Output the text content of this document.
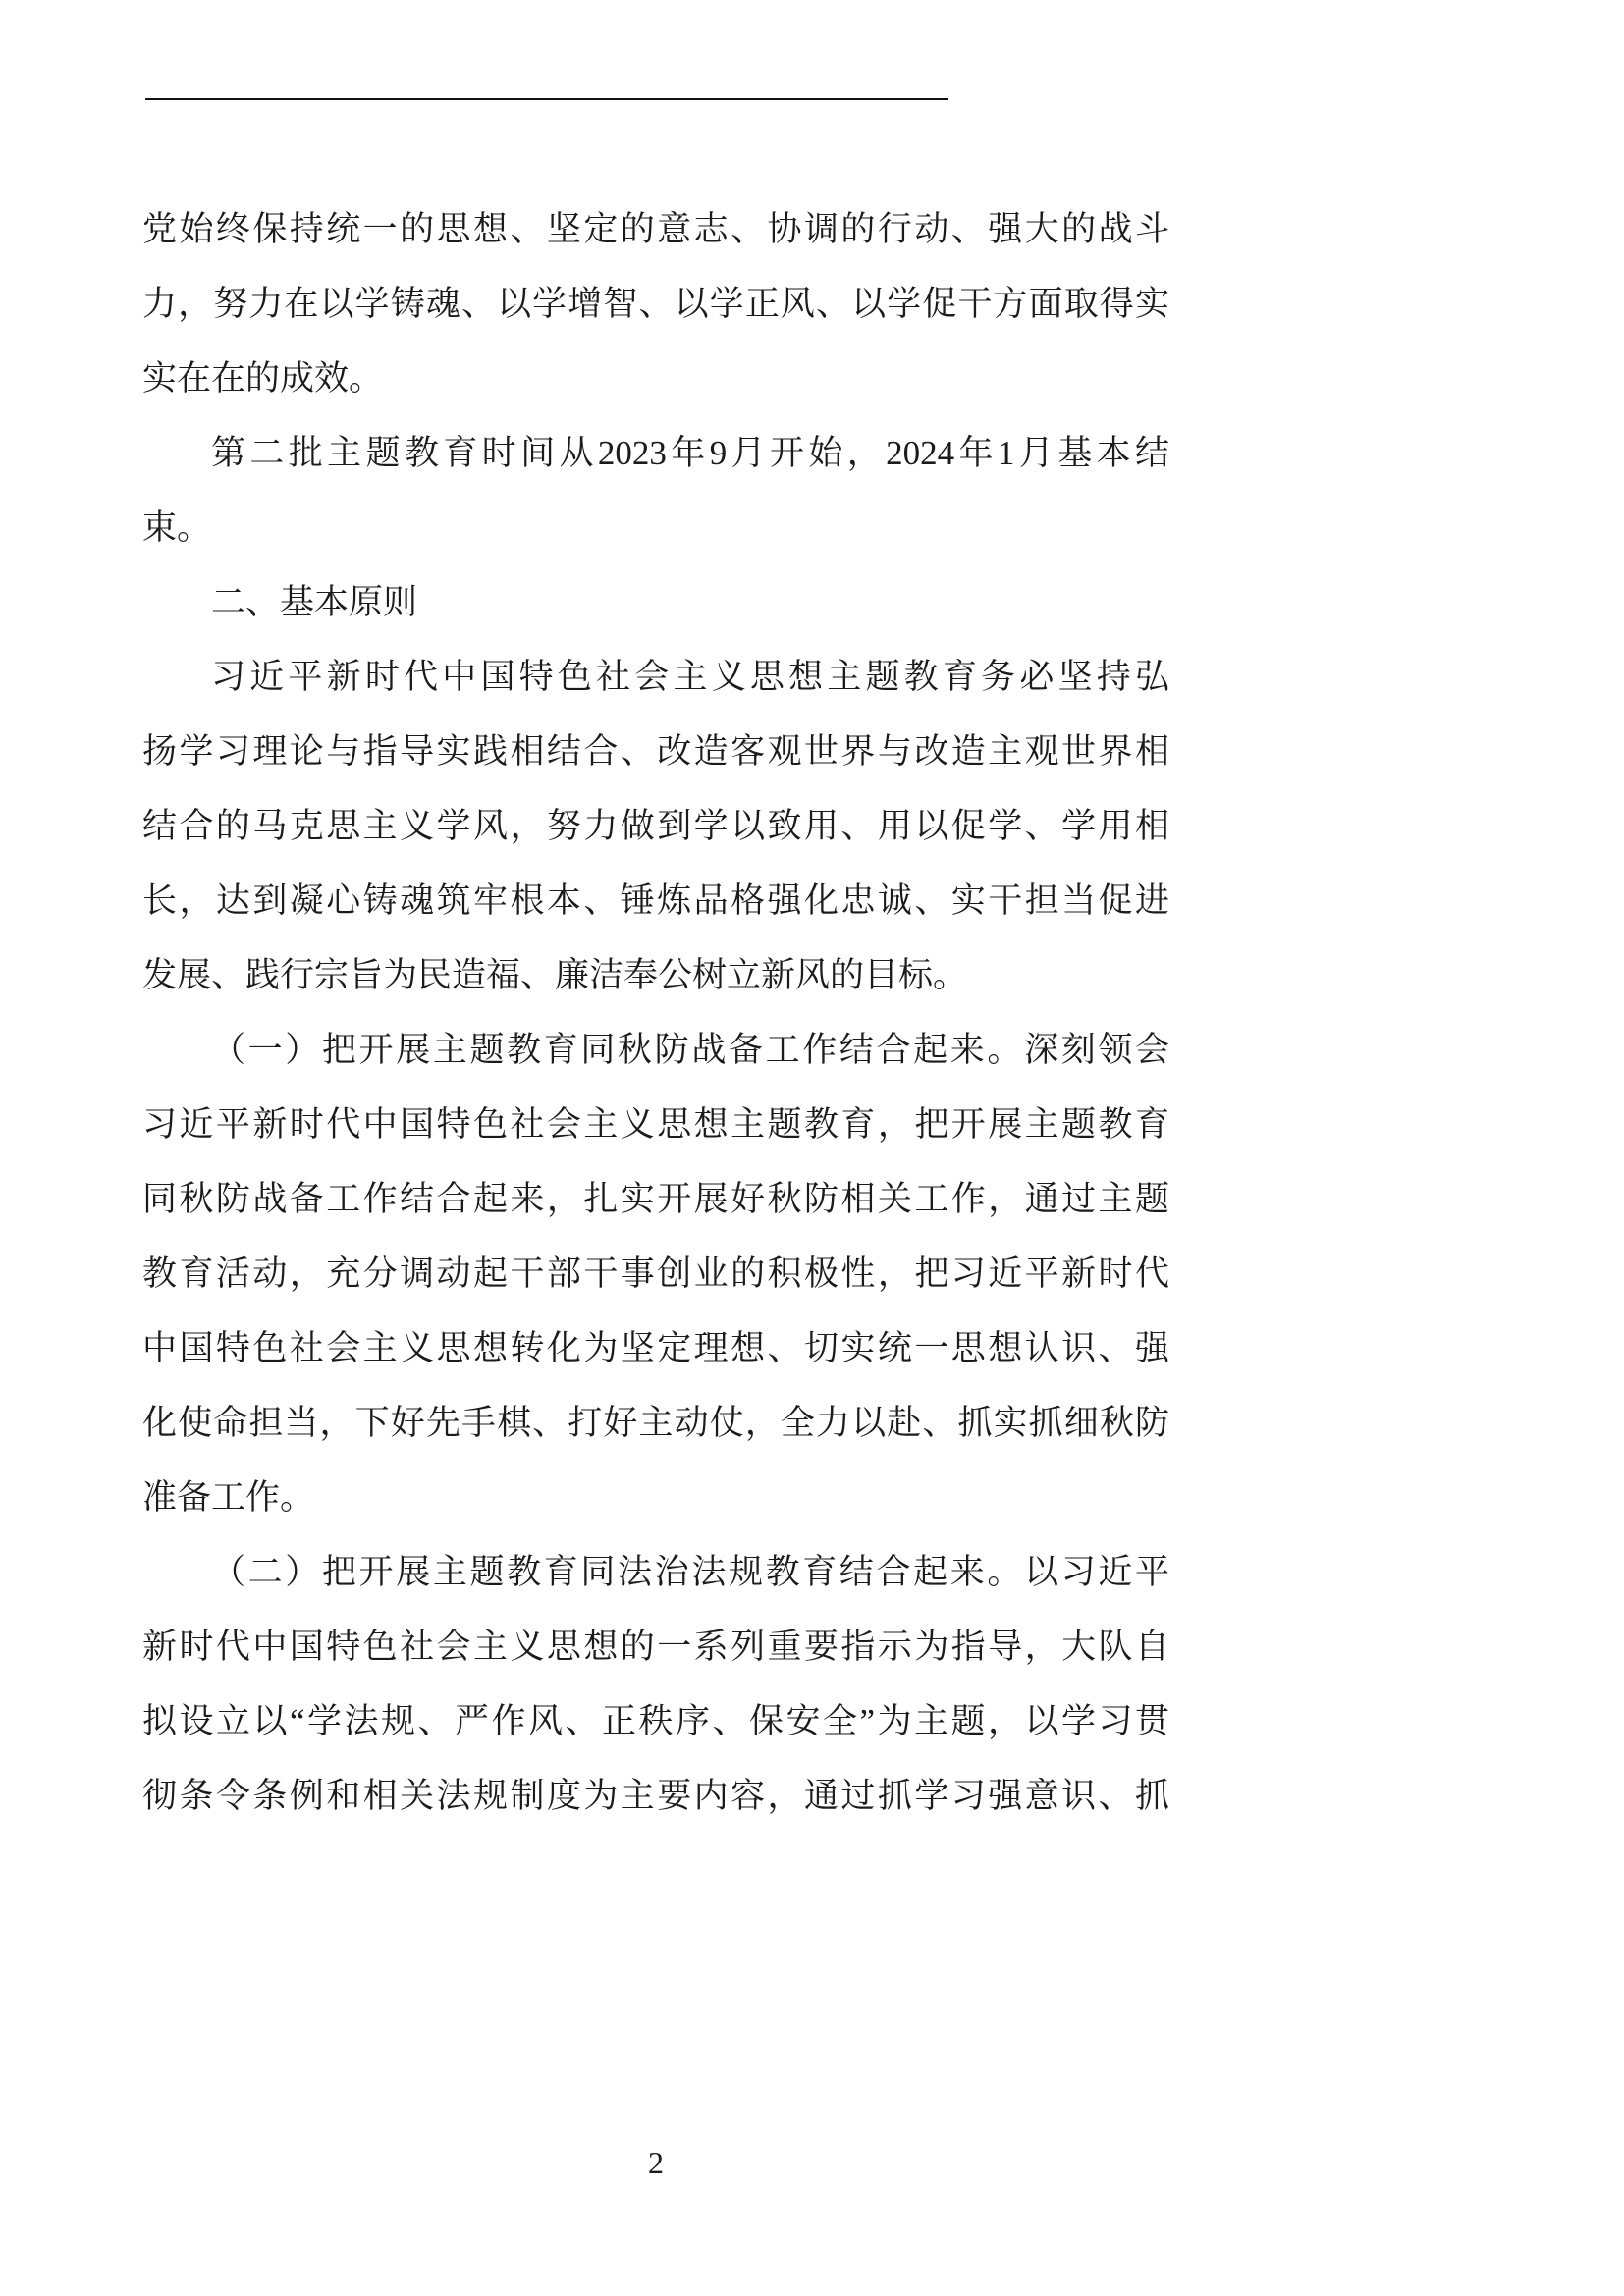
党始终保持统一的思想、坚定的意志、协调的行动、强大的战斗
力，努力在以学铸魂、以学增智、以学正风、以学促干方面取得实
实在在的成效。
第二批主题教育时间从2023年9月开始，2024年1月基本结
束。
二、基本原则
习近平新时代中国特色社会主义思想主题教育务必坚持弘
扬学习理论与指导实践相结合、改造客观世界与改造主观世界相
结合的马克思主义学风，努力做到学以致用、用以促学、学用相
长，达到凝心铸魂筑牢根本、锤炼品格强化忠诚、实干担当促进
发展、践行宗旨为民造福、廉洁奉公树立新风的目标。
（一）把开展主题教育同秋防战备工作结合起来。深刻领会
习近平新时代中国特色社会主义思想主题教育，把开展主题教育
同秋防战备工作结合起来，扎实开展好秋防相关工作，通过主题
教育活动，充分调动起干部干事创业的积极性，把习近平新时代
中国特色社会主义思想转化为坚定理想、切实统一思想认识、强
化使命担当，下好先手棋、打好主动仗，全力以赴、抓实抓细秋防
准备工作。
（二）把开展主题教育同法治法规教育结合起来。以习近平
新时代中国特色社会主义思想的一系列重要指示为指导，大队自
拟设立以“学法规、严作风、正秩序、保安全”为主题，以学习贯
彻条令条例和相关法规制度为主要内容，通过抓学习强意识、抓
2
